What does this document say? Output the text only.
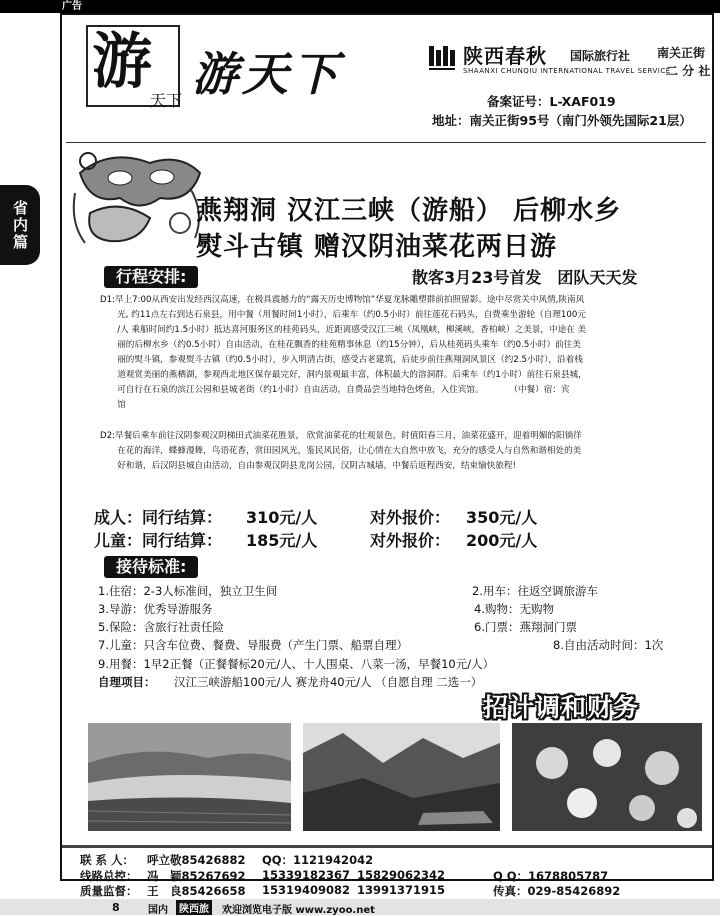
广告
省内篇
游
天下 游天下	陕西春秋 国际旅行社
SHAANXI CHUNQIU INTERNATIONAL TRAVEL SERVICE
南关正街
二 分 社
备案证号：L-XAF019
地址：南关正街95号（南门外领先国际21层）
燕翔洞 汉江三峡（游船） 后柳水乡
熨斗古镇 赠汉阴油菜花两日游
行程安排:	散客3月23号首发　团队天天发
D1:早上7:00从西安出发经西汉高速，在极具震撼力的“露天历史博物馆”华夏龙脉雕塑群前拍照留影。途中尽赏关中风情,陕南风
　　光, 约11点左右到达石泉县，用中餐（用餐时间1小时），后乘车（约0.5小时）前往莲花石码头，自费乘坐游轮（自理100元
　　/人 乘船时间约1.5小时）抵达喜河服务区的桂苑码头，近距离感受汉江三峡（凤凰峡，柳溪峡，香柏峡）之美景，中途在 美
　　丽的后柳水乡（约0.5小时）自由活动，在桂花飘香的桂苑精事休息（约15分钟），后从桂苑码头乘车（约0.5小时）前往美
　　丽的熨斗镇，参观熨斗古镇（约0.5小时），步入明清古街，感受古老建筑，后徒步前往燕翔洞风景区（约2.5小时），沿着栈
　　道观赏美丽的燕栖湖，参观西北地区保存最完好，洞内景观最丰富，体积最大的溶洞群。后乘车（约1小时）前往石泉县城，
　　可自行在石泉的滨江公园和县城老街（约1小时）自由活动，自费品尝当地特色烤鱼，入住宾馆。　　　　（中餐）宿：宾
　　馆
D2:早餐后乘车前往汉阴参观汉阴梯田式油菜花胜景， 欣赏油菜花的壮观景色，时值阳春三月，油菜花盛开，迎着明媚的阳徜徉
　　在花的海洋，蝶蜂漫舞，鸟语花香，赏田园风光，鉴民风民俗，让心情在大自然中放飞，充分的感受人与自然和谐相处的美
　　好和谐，后汉阴县城自由活动，自由参观汉阴县龙岗公园，汉阴古城墙，中餐后返程西安，结束愉快旅程!
成人：同行结算： 310元/人	对外报价： 350元/人
儿童：同行结算： 185元/人	对外报价： 200元/人
接待标准:
1.住宿：2-3人标准间，独立卫生间	2.用车：往返空调旅游车
3.导游：优秀导游服务	4.购物：无购物
5.保险：含旅行社责任险	6.门票：燕翔洞门票
7.儿童：只含车位费、餐费、导服费（产生门票、船票自理）	8.自由活动时间：1次
9.用餐：1早2正餐（正餐餐标20元/人、十人围桌、八菜一汤，早餐10元/人）
自理项目： 汉江三峡游船100元/人 赛龙舟40元/人 （自愿自理 二选一）
招计调和财务
联 系 人： 呼立敬85426882 QQ：1121942042
线路总控： 冯　颖85267692 15339182367 15829062342	Q Q：1678805787
质量监督： 王　良85426658 15319409082 13991371915	传真：029-85426892
8	国内	陕西旅	欢迎浏览电子版 www.zyoo.net
